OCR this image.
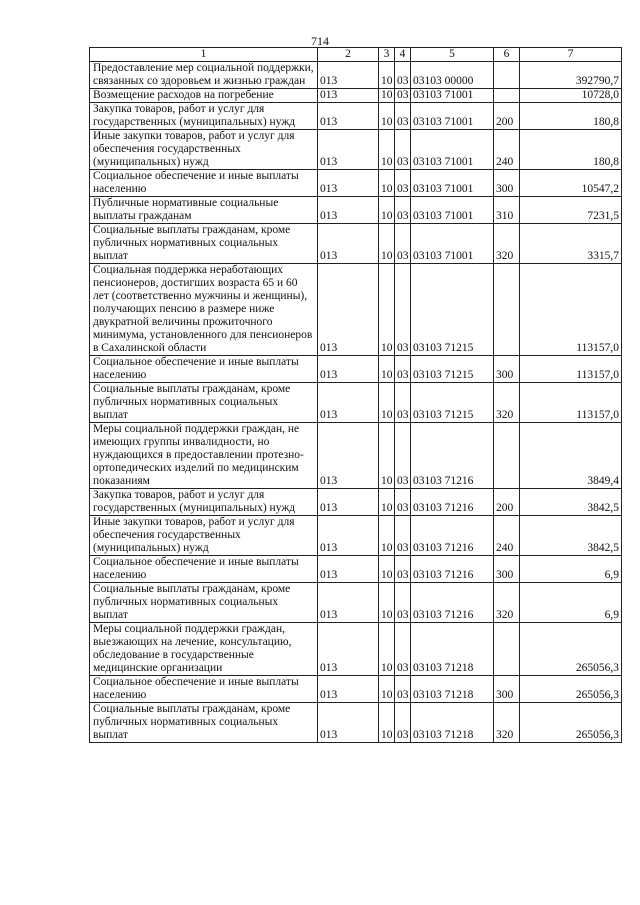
714
1	2	3	4	5	6	7
Предоставление мер социальной поддержки, связанных со здоровьем и жизнью граждан	013	10	03	03103 00000		392790,7
Возмещение расходов на погребение	013	10	03	03103 71001		10728,0
Закупка товаров, работ и услуг для государственных (муниципальных) нужд	013	10	03	03103 71001	200	180,8
Иные закупки товаров, работ и услуг для обеспечения государственных (муниципальных) нужд	013	10	03	03103 71001	240	180,8
Социальное обеспечение и иные выплаты населению	013	10	03	03103 71001	300	10547,2
Публичные нормативные социальные выплаты гражданам	013	10	03	03103 71001	310	7231,5
Социальные выплаты гражданам, кроме публичных нормативных социальных выплат	013	10	03	03103 71001	320	3315,7
Социальная поддержка неработающих пенсионеров, достигших возраста 65 и 60 лет (соответственно мужчины и женщины), получающих пенсию в размере ниже двукратной величины прожиточного минимума, установленного для пенсионеров в Сахалинской области	013	10	03	03103 71215		113157,0
Социальное обеспечение и иные выплаты населению	013	10	03	03103 71215	300	113157,0
Социальные выплаты гражданам, кроме публичных нормативных социальных выплат	013	10	03	03103 71215	320	113157,0
Меры социальной поддержки граждан, не имеющих группы инвалидности, но нуждающихся в предоставлении протезно-ортопедических изделий по медицинским показаниям	013	10	03	03103 71216		3849,4
Закупка товаров, работ и услуг для государственных (муниципальных) нужд	013	10	03	03103 71216	200	3842,5
Иные закупки товаров, работ и услуг для обеспечения государственных (муниципальных) нужд	013	10	03	03103 71216	240	3842,5
Социальное обеспечение и иные выплаты населению	013	10	03	03103 71216	300	6,9
Социальные выплаты гражданам, кроме публичных нормативных социальных выплат	013	10	03	03103 71216	320	6,9
Меры социальной поддержки граждан, выезжающих на лечение, консультацию, обследование в государственные медицинские организации	013	10	03	03103 71218		265056,3
Социальное обеспечение и иные выплаты населению	013	10	03	03103 71218	300	265056,3
Социальные выплаты гражданам, кроме публичных нормативных социальных выплат	013	10	03	03103 71218	320	265056,3
